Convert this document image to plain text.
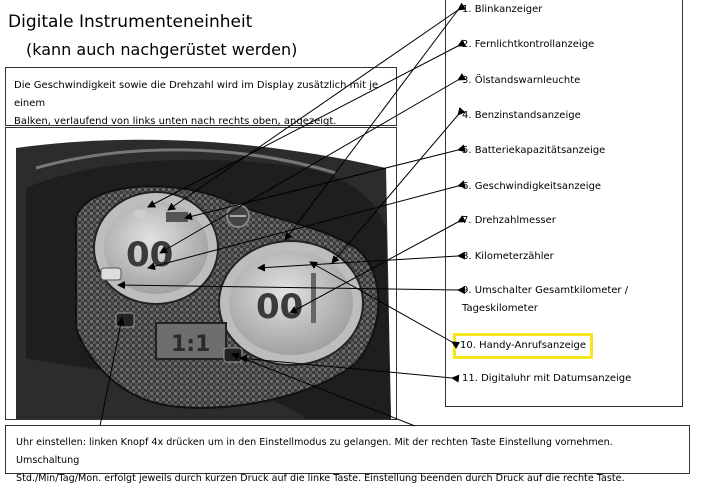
Digitale Instrumenteneinheit
(kann auch nachgerüstet werden)
Die Geschwindigkeit sowie die Drehzahl wird im Display zusätzlich mit je einem
Balken, verlaufend von links unten nach rechts oben, angezeigt.
00
00
1:1
1. Blinkanzeiger
2. Fernlichtkontrollanzeige
3. Ölstandswarnleuchte
4. Benzinstandsanzeige
5. Batteriekapazitätsanzeige
6. Geschwindigkeitsanzeige
7. Drehzahlmesser
8. Kilometerzähler
9. Umschalter Gesamtkilometer /
Tageskilometer
10. Handy-Anrufsanzeige
11. Digitaluhr mit Datumsanzeige
Uhr einstellen: linken Knopf 4x drücken um in den Einstellmodus zu gelangen. Mit der rechten Taste Einstellung vornehmen. Umschaltung
Std./Min/Tag/Mon. erfolgt jeweils durch kurzen Druck auf die linke Taste. Einstellung beenden durch Druck auf die rechte Taste.
